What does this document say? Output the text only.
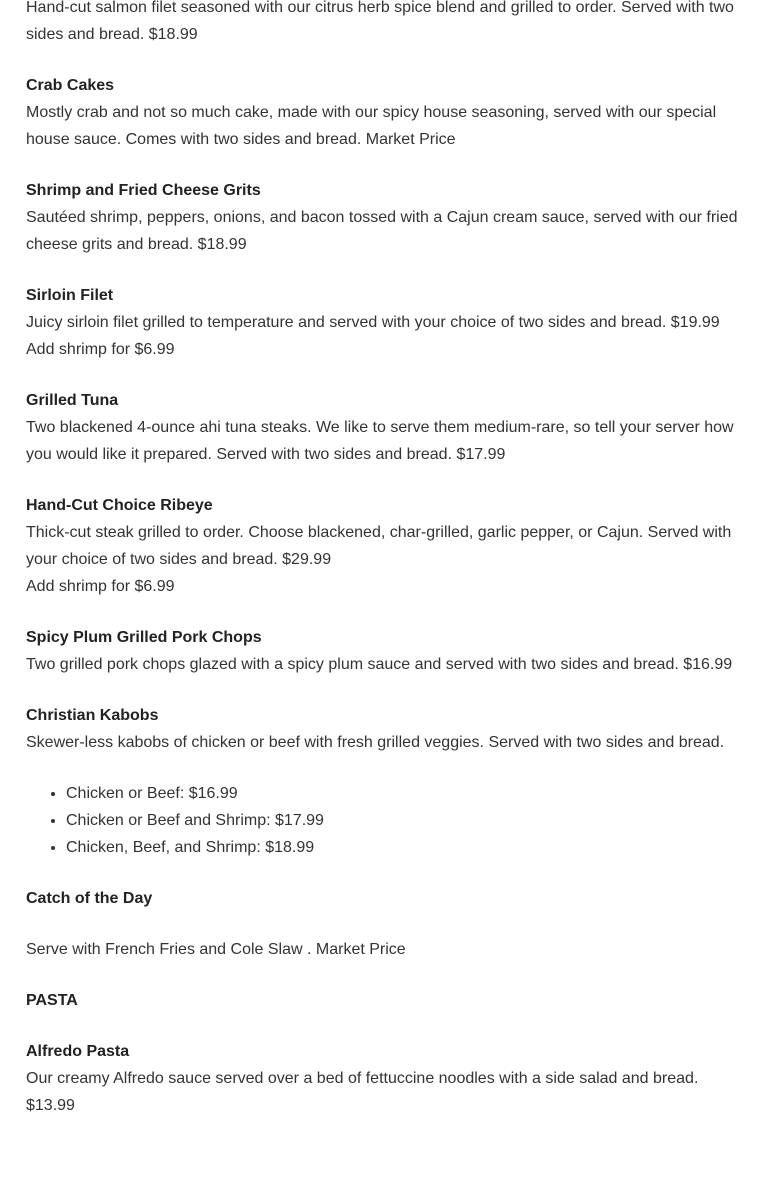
Hand-cut salmon filet seasoned with our citrus herb spice blend and grilled to order. Served with two sides and bread. $18.99

Crab Cakes

Mostly crab and not so much cake, made with our spicy house seasoning, served with our special house sauce. Comes with two sides and bread. Market Price

Shrimp and Fried Cheese Grits

Sautéed shrimp, peppers, onions, and bacon tossed with a Cajun cream sauce, served with our fried cheese grits and bread. $18.99

Sirloin Filet

Juicy sirloin filet grilled to temperature and served with your choice of two sides and bread. $19.99

Add shrimp for $6.99

Grilled Tuna

Two blackened 4-ounce ahi tuna steaks. We like to serve them medium-rare, so tell your server how you would like it prepared. Served with two sides and bread. $17.99

Hand-Cut Choice Ribeye

Thick-cut steak grilled to order. Choose blackened, char-grilled, garlic pepper, or Cajun. Served with your choice of two sides and bread. $29.99

Add shrimp for $6.99

Spicy Plum Grilled Pork Chops

Two grilled pork chops glazed with a spicy plum sauce and served with two sides and bread. $16.99

Christian Kabobs

Skewer-less kabobs of chicken or beef with fresh grilled veggies. Served with two sides and bread.

• Chicken or Beef: $16.99
• Chicken or Beef and Shrimp: $17.99
• Chicken, Beef, and Shrimp: $18.99

Catch of the Day

Serve with French Fries and Cole Slaw . Market Price

PASTA

Alfredo Pasta

Our creamy Alfredo sauce served over a bed of fettuccine noodles with a side salad and bread. $13.99
